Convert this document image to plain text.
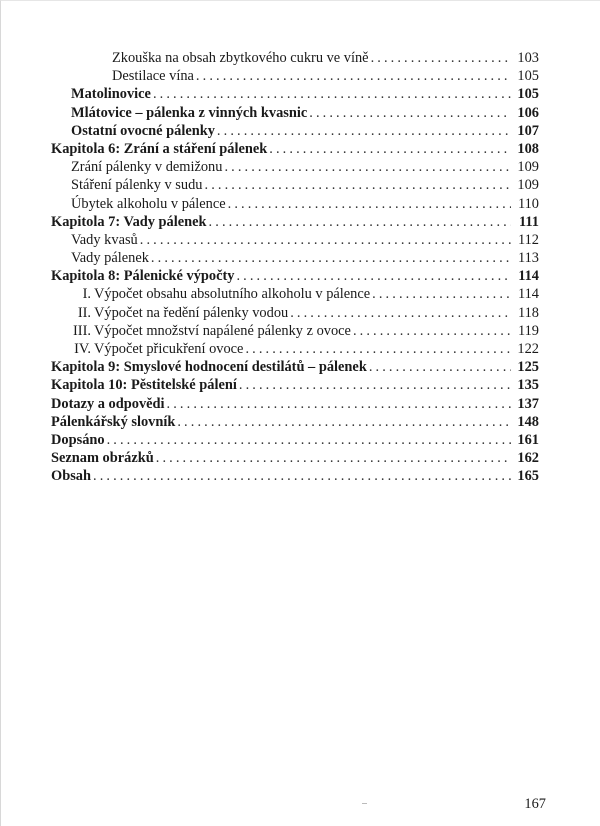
Zkouška na obsah zbytkového cukru ve víně . . .	103
Destilace vína . . .	105
Matolinovice . . .	105
Mlátovice – pálenka z vinných kvasnic . . .	106
Ostatní ovocné pálenky . . .	107
Kapitola 6: Zrání a stáření pálenek . . .	108
Zrání pálenky v demižonu . . .	109
Stáření pálenky v sudu . . .	109
Úbytek alkoholu v pálence . . .	110
Kapitola 7: Vady pálenek . . .	111
Vady kvasů . . .	112
Vady pálenek . . .	113
Kapitola 8: Pálenické výpočty . . .	114
I. Výpočet obsahu absolutního alkoholu v pálence . . .	114
II. Výpočet na ředění pálenky vodou . . .	118
III. Výpočet množství napálené pálenky z ovoce . . .	119
IV. Výpočet přicukření ovoce . . .	122
Kapitola 9: Smyslové hodnocení destilátů – pálenek . . .	125
Kapitola 10: Pěstitelské pálení . . .	135
Dotazy a odpovědi . . .	137
Pálenkářský slovník . . .	148
Dopsáno . . .	161
Seznam obrázků . . .	162
Obsah . . .	165
167
